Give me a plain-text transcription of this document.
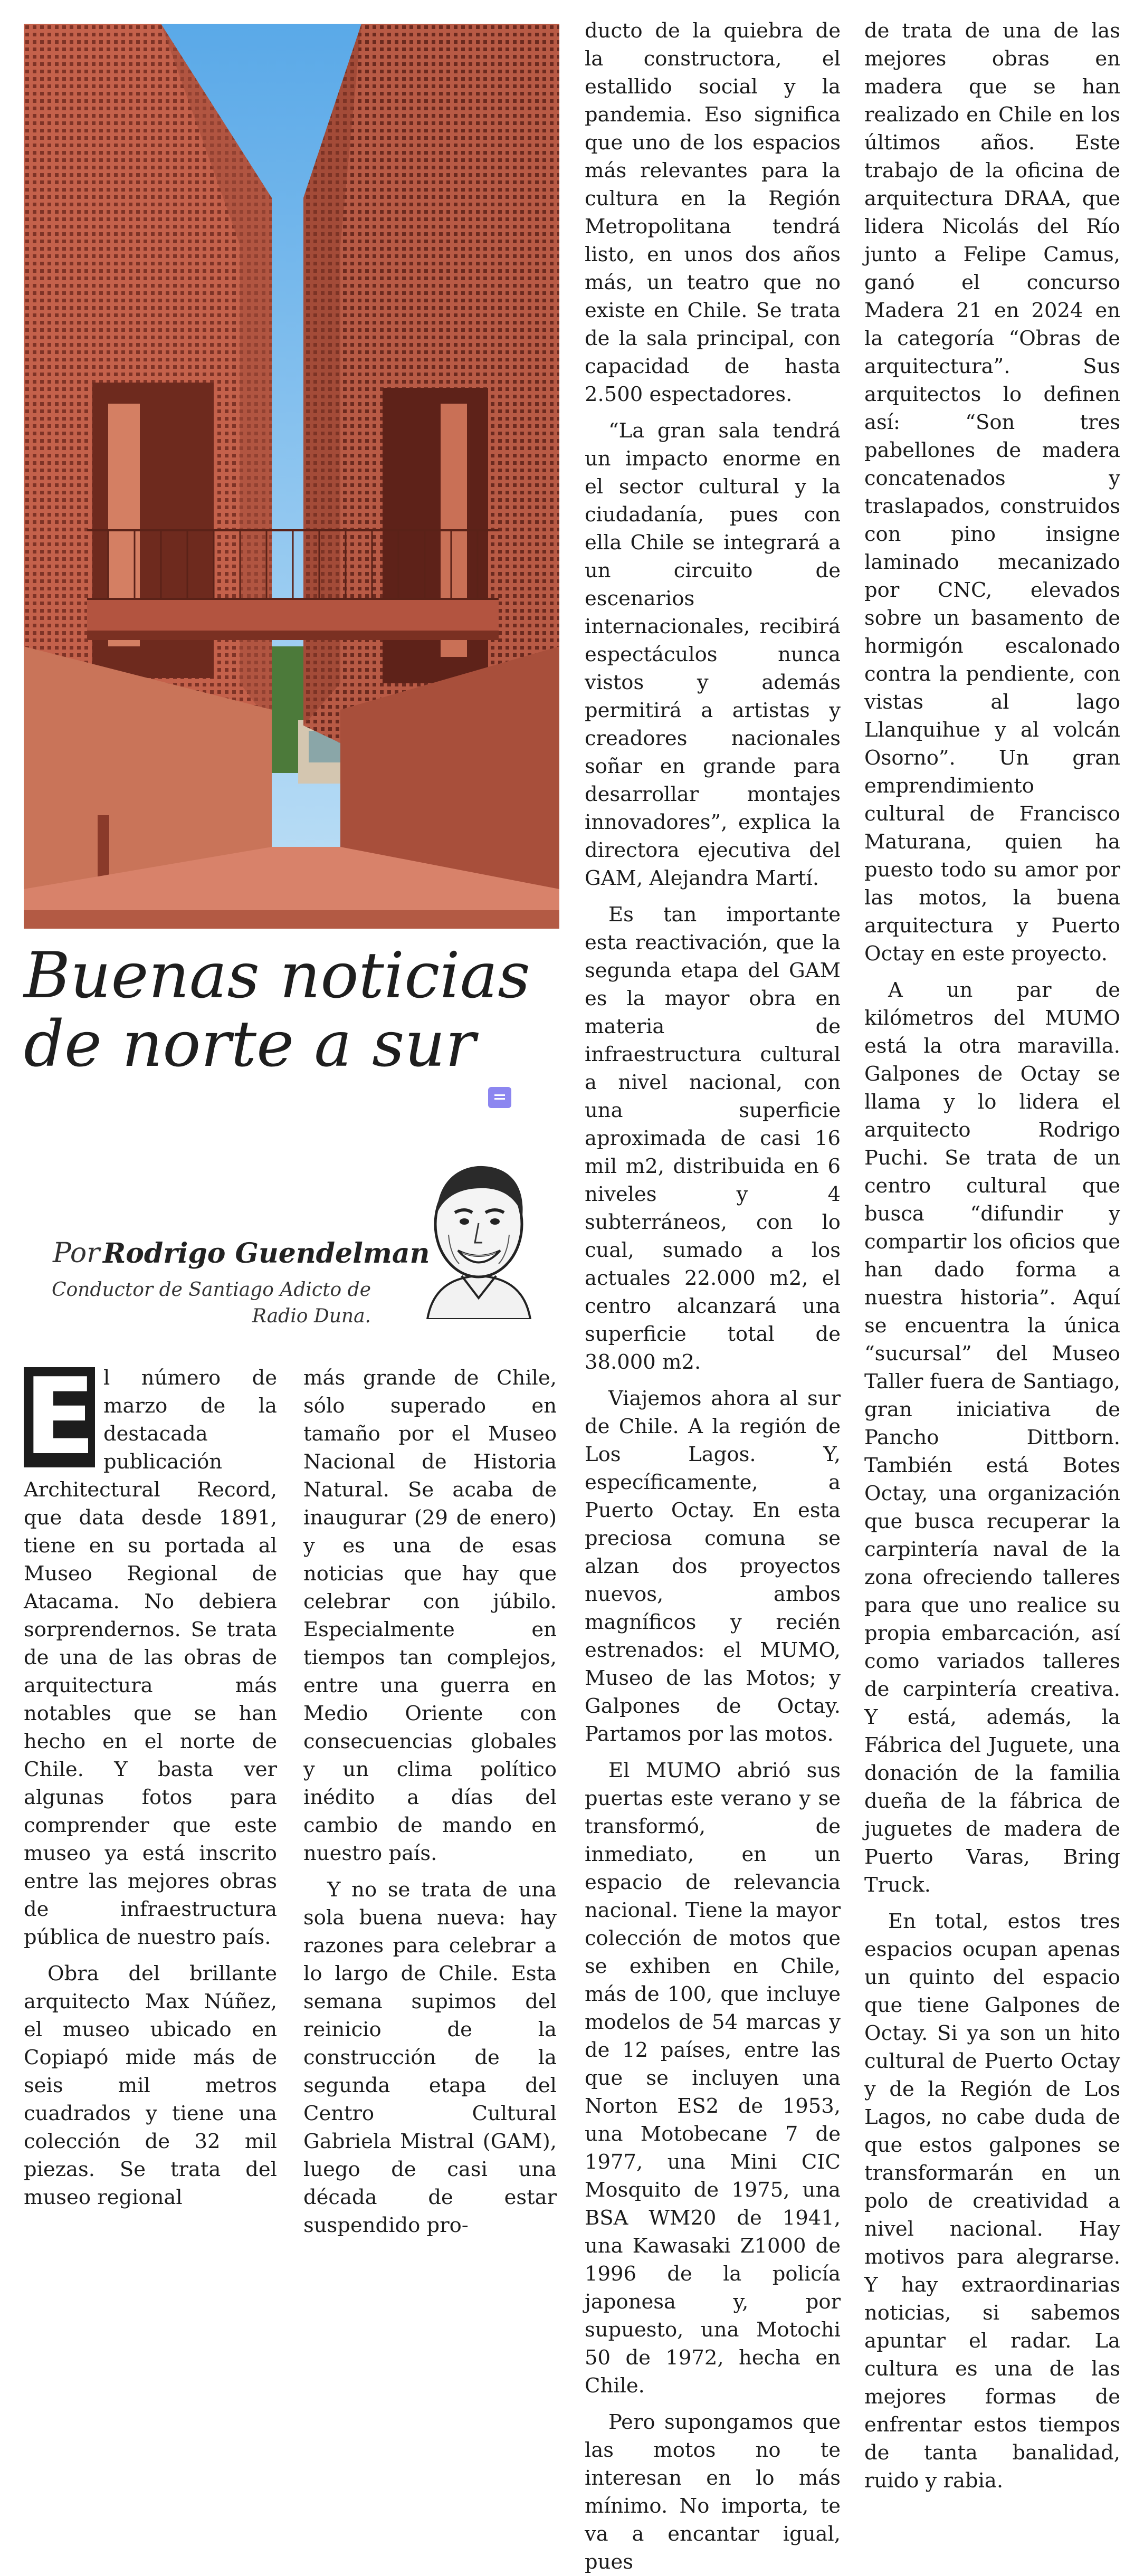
Buenas noticias de norte a sur
Por Rodrigo Guendelman
Conductor de Santiago Adicto de Radio Duna.
E l número de marzo de la destacada publicación Architectural Record, que data desde 1891, tiene en su portada al Museo Regional de Atacama. No debiera sorprendernos. Se trata de una de las obras de arquitectura más notables que se han hecho en el norte de Chile. Y basta ver algunas fotos para comprender que este museo ya está inscrito entre las mejores obras de infraestructura pública de nuestro país.

Obra del brillante arquitecto Max Núñez, el museo ubicado en Copiapó mide más de seis mil metros cuadrados y tiene una colección de 32 mil piezas. Se trata del museo regional

más grande de Chile, sólo superado en tamaño por el Museo Nacional de Historia Natural. Se acaba de inaugurar (29 de enero) y es una de esas noticias que hay que celebrar con júbilo. Especialmente en tiempos tan complejos, entre una guerra en Medio Oriente con consecuencias globales y un clima político inédito a días del cambio de mando en nuestro país.

Y no se trata de una sola buena nueva: hay razones para celebrar a lo largo de Chile. Esta semana supimos del reinicio de la construcción de la segunda etapa del Centro Cultural Gabriela Mistral (GAM), luego de casi una década de estar suspendido pro-

ducto de la quiebra de la constructora, el estallido social y la pandemia. Eso significa que uno de los espacios más relevantes para la cultura en la Región Metropolitana tendrá listo, en unos dos años más, un teatro que no existe en Chile. Se trata de la sala principal, con capacidad de hasta 2.500 espectadores.

“La gran sala tendrá un impacto enorme en el sector cultural y la ciudadanía, pues con ella Chile se integrará a un circuito de escenarios internacionales, recibirá espectáculos nunca vistos y además permitirá a artistas y creadores nacionales soñar en grande para desarrollar montajes innovadores”, explica la directora ejecutiva del GAM, Alejandra Martí.

Es tan importante esta reactivación, que la segunda etapa del GAM es la mayor obra en materia de infraestructura cultural a nivel nacional, con una superficie aproximada de casi 16 mil m2, distribuida en 6 niveles y 4 subterráneos, con lo cual, sumado a los actuales 22.000 m2, el centro alcanzará una superficie total de 38.000 m2.

Viajemos ahora al sur de Chile. A la región de Los Lagos. Y, específicamente, a Puerto Octay. En esta preciosa comuna se alzan dos proyectos nuevos, ambos magníficos y recién estrenados: el MUMO, Museo de las Motos; y Galpones de Octay. Partamos por las motos.

El MUMO abrió sus puertas este verano y se transformó, de inmediato, en un espacio de relevancia nacional. Tiene la mayor colección de motos que se exhiben en Chile, más de 100, que incluye modelos de 54 marcas y de 12 países, entre las que se incluyen una Norton ES2 de 1953, una Motobecane 7 de 1977, una Mini CIC Mosquito de 1975, una BSA WM20 de 1941, una Kawasaki Z1000 de 1996 de la policía japonesa y, por supuesto, una Motochi 50 de 1972, hecha en Chile.

Pero supongamos que las motos no te interesan en lo más mínimo. No importa, te va a encantar igual, pues

de trata de una de las mejores obras en madera que se han realizado en Chile en los últimos años. Este trabajo de la oficina de arquitectura DRAA, que lidera Nicolás del Río junto a Felipe Camus, ganó el concurso Madera 21 en 2024 en la categoría “Obras de arquitectura”. Sus arquitectos lo definen así: “Son tres pabellones de madera concatenados y traslapados, construidos con pino insigne laminado mecanizado por CNC, elevados sobre un basamento de hormigón escalonado contra la pendiente, con vistas al lago Llanquihue y al volcán Osorno”. Un gran emprendimiento cultural de Francisco Maturana, quien ha puesto todo su amor por las motos, la buena arquitectura y Puerto Octay en este proyecto.

A un par de kilómetros del MUMO está la otra maravilla. Galpones de Octay se llama y lo lidera el arquitecto Rodrigo Puchi. Se trata de un centro cultural que busca “difundir y compartir los oficios que han dado forma a nuestra historia”. Aquí se encuentra la única “sucursal” del Museo Taller fuera de Santiago, gran iniciativa de Pancho Dittborn. También está Botes Octay, una organización que busca recuperar la carpintería naval de la zona ofreciendo talleres para que uno realice su propia embarcación, así como variados talleres de carpintería creativa. Y está, además, la Fábrica del Juguete, una donación de la familia dueña de la fábrica de juguetes de madera de Puerto Varas, Bring Truck.

En total, estos tres espacios ocupan apenas un quinto del espacio que tiene Galpones de Octay. Si ya son un hito cultural de Puerto Octay y de la Región de Los Lagos, no cabe duda de que estos galpones se transformarán en un polo de creatividad a nivel nacional. Hay motivos para alegrarse. Y hay extraordinarias noticias, si sabemos apuntar el radar. La cultura es una de las mejores formas de enfrentar estos tiempos de tanta banalidad, ruido y rabia.
